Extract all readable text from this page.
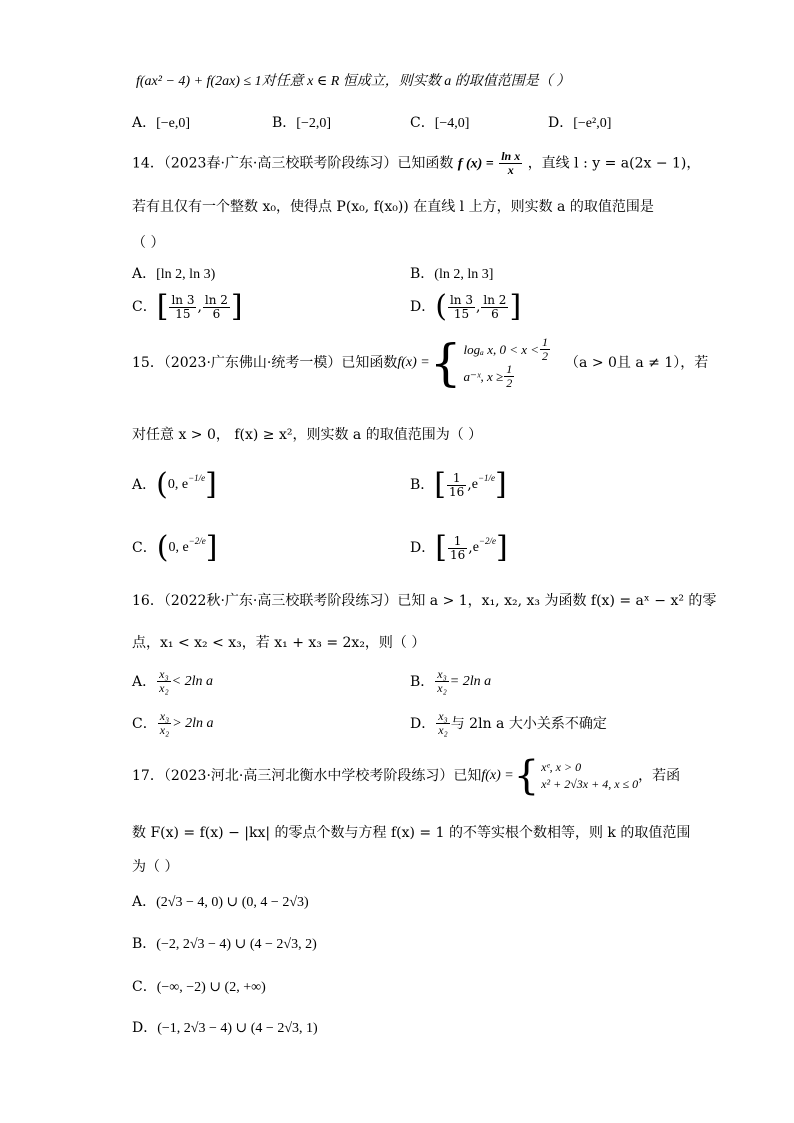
f(ax² − 4) + f(2ax) ≤ 1对任意 x ∈ R 恒成立，则实数 a 的取值范围是（ ）
A．[−e,0]	B．[−2,0]	C．[−4,0]	D．[−e²,0]
14．（2023春·广东·高三校联考阶段练习）已知函数 f $(x) = \frac{\text{ln x}}{x}$ ，直线 l : y = a(2x − 1)，
若有且仅有一个整数 x₀，使得点 P(x₀, f(x₀)) 在直线 l 上方，则实数 a 的取值范围是
（ ）
A．[ln 2, ln 3)	B．(ln 2, ln 3]
C． [ $\frac{\ln 3}{15}$ , $\frac{\ln 2}{6}$ ]	D． ( $\frac{\ln 3}{15}$ , $\frac{\ln 2}{6}$ ]
15．（2023·广东佛山·统考一模）已知函数 f(x) = { logₐ x, $0 < x < \frac{1}{2}$
a⁻ˣ, $x \ge \frac{1}{2}$	（a > 0且 a ≠ 1），若
对任意 x > 0， f(x) ≥ x²，则实数 a 的取值范围为（ ）
A． ( 0, $e^{-1/e}$ ]	B． [ $\frac{1}{16}$ , $e^{-1/e}$ ]
C． ( 0, $e^{-2/e}$ ]	D． [ $\frac{1}{16}$ , $e^{-2/e}$ ]
16．（2022秋·广东·高三校联考阶段练习）已知 a > 1，x₁, x₂, x₃ 为函数 f(x) = aˣ − x² 的零
点，x₁ < x₂ < x₃，若 x₁ + x₃ = 2x₂，则（ ）
A． $\frac{\text{x₃}}{\text{x₂}} < 2\ln$ a	B． $\frac{\text{x₃}}{\text{x₂}} = 2\ln$ a
C． $\frac{\text{x₃}}{\text{x₂}} > 2\ln$ a	D． $\frac{\text{x₃}}{\text{x₂}}$ 与 2ln a 大小关系不确定
17．（2023·河北·高三河北衡水中学校考阶段练习）已知 f(x) = { xᵉ, x > 0
x² + 2√3x + 4, x ≤ 0 ，若函
数 F(x) = f(x) − |kx| 的零点个数与方程 f(x) = 1 的不等实根个数相等，则 k 的取值范围
为（ ）
A．(2√3 − 4, 0) ∪ (0, 4 − 2√3)
B．(−2, 2√3 − 4) ∪ (4 − 2√3, 2)
C．(−∞, −2) ∪ (2, +∞)
D．(−1, 2√3 − 4) ∪ (4 − 2√3, 1)
